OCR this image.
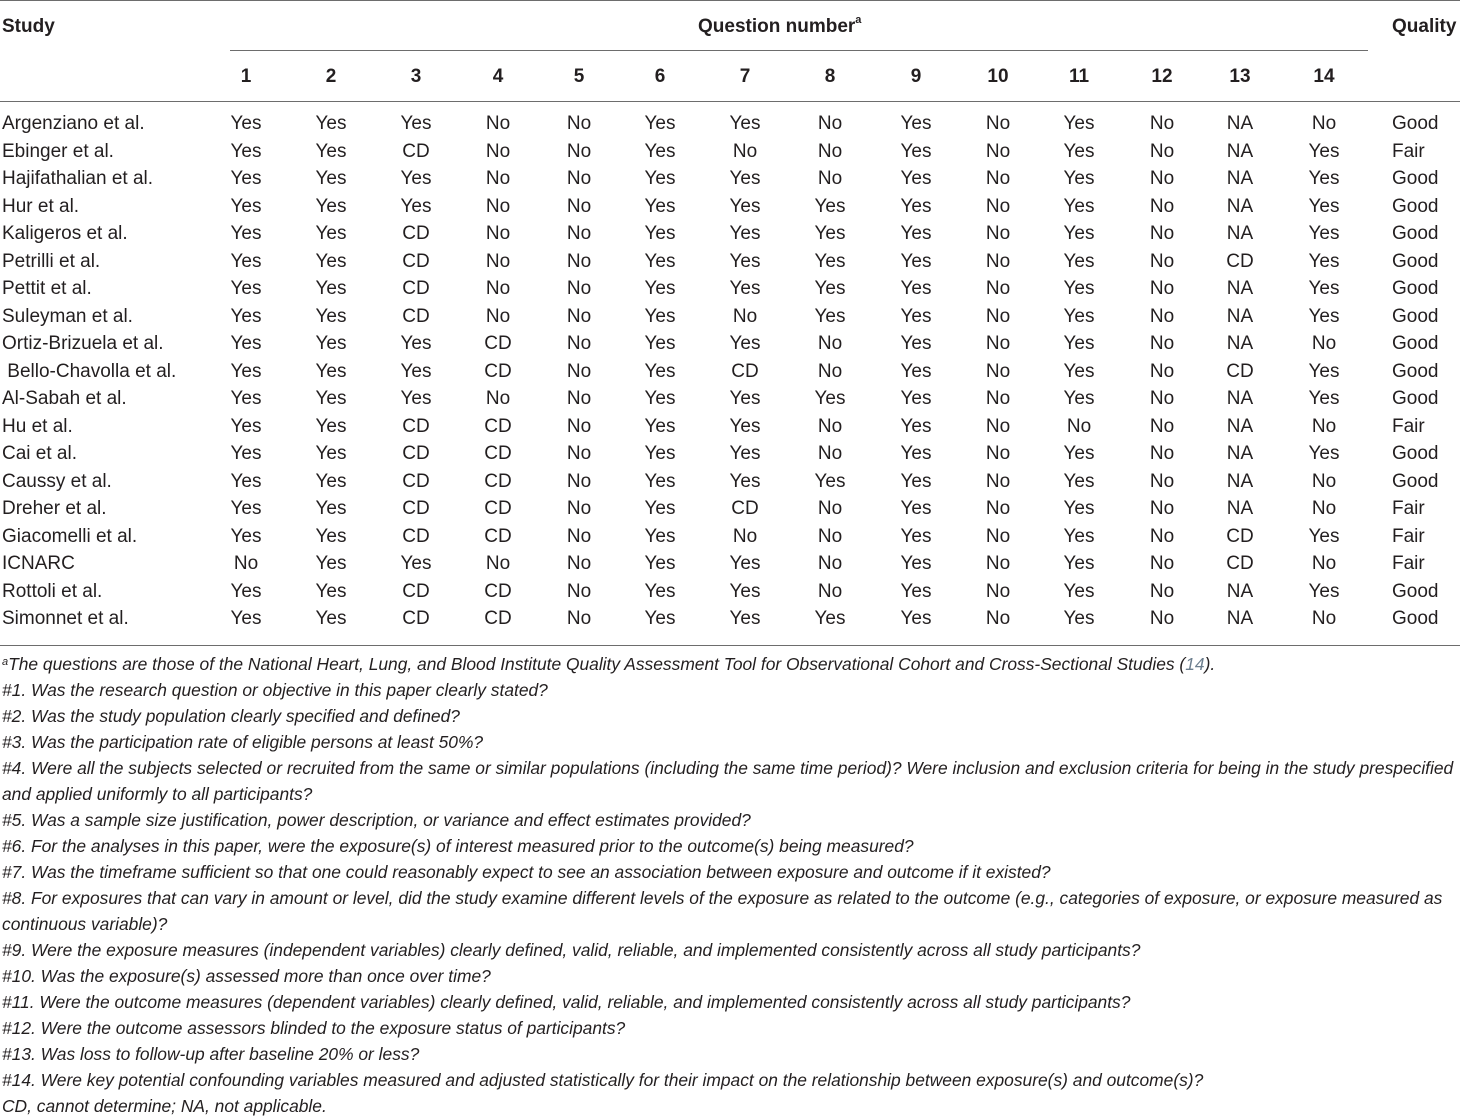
Study	Question number$^a$	Quality
1	2	3	4	5	6	7	8	9	10	11	12	13	14
Argenziano et al.	Yes	Yes	Yes	No	No	Yes	Yes	No	Yes	No	Yes	No	NA	No	Good
Ebinger et al.	Yes	Yes	CD	No	No	Yes	No	No	Yes	No	Yes	No	NA	Yes	Fair
Hajifathalian et al.	Yes	Yes	Yes	No	No	Yes	Yes	No	Yes	No	Yes	No	NA	Yes	Good
Hur et al.	Yes	Yes	Yes	No	No	Yes	Yes	Yes	Yes	No	Yes	No	NA	Yes	Good
Kaligeros et al.	Yes	Yes	CD	No	No	Yes	Yes	Yes	Yes	No	Yes	No	NA	Yes	Good
Petrilli et al.	Yes	Yes	CD	No	No	Yes	Yes	Yes	Yes	No	Yes	No	CD	Yes	Good
Pettit et al.	Yes	Yes	CD	No	No	Yes	Yes	Yes	Yes	No	Yes	No	NA	Yes	Good
Suleyman et al.	Yes	Yes	CD	No	No	Yes	No	Yes	Yes	No	Yes	No	NA	Yes	Good
Ortiz-Brizuela et al.	Yes	Yes	Yes	CD	No	Yes	Yes	No	Yes	No	Yes	No	NA	No	Good
Bello-Chavolla et al.	Yes	Yes	Yes	CD	No	Yes	CD	No	Yes	No	Yes	No	CD	Yes	Good
Al-Sabah et al.	Yes	Yes	Yes	No	No	Yes	Yes	Yes	Yes	No	Yes	No	NA	Yes	Good
Hu et al.	Yes	Yes	CD	CD	No	Yes	Yes	No	Yes	No	No	No	NA	No	Fair
Cai et al.	Yes	Yes	CD	CD	No	Yes	Yes	No	Yes	No	Yes	No	NA	Yes	Good
Caussy et al.	Yes	Yes	CD	CD	No	Yes	Yes	Yes	Yes	No	Yes	No	NA	No	Good
Dreher et al.	Yes	Yes	CD	CD	No	Yes	CD	No	Yes	No	Yes	No	NA	No	Fair
Giacomelli et al.	Yes	Yes	CD	CD	No	Yes	No	No	Yes	No	Yes	No	CD	Yes	Fair
ICNARC	No	Yes	Yes	No	No	Yes	Yes	No	Yes	No	Yes	No	CD	No	Fair
Rottoli et al.	Yes	Yes	CD	CD	No	Yes	Yes	No	Yes	No	Yes	No	NA	Yes	Good
Simonnet et al.	Yes	Yes	CD	CD	No	Yes	Yes	Yes	Yes	No	Yes	No	NA	No	Good
$^a$The questions are those of the National Heart, Lung, and Blood Institute Quality Assessment Tool for Observational Cohort and Cross-Sectional Studies (14).
#1. Was the research question or objective in this paper clearly stated?
#2. Was the study population clearly specified and defined?
#3. Was the participation rate of eligible persons at least 50%?
#4. Were all the subjects selected or recruited from the same or similar populations (including the same time period)? Were inclusion and exclusion criteria for being in the study prespecified and applied uniformly to all participants?
#5. Was a sample size justification, power description, or variance and effect estimates provided?
#6. For the analyses in this paper, were the exposure(s) of interest measured prior to the outcome(s) being measured?
#7. Was the timeframe sufficient so that one could reasonably expect to see an association between exposure and outcome if it existed?
#8. For exposures that can vary in amount or level, did the study examine different levels of the exposure as related to the outcome (e.g., categories of exposure, or exposure measured as continuous variable)?
#9. Were the exposure measures (independent variables) clearly defined, valid, reliable, and implemented consistently across all study participants?
#10. Was the exposure(s) assessed more than once over time?
#11. Were the outcome measures (dependent variables) clearly defined, valid, reliable, and implemented consistently across all study participants?
#12. Were the outcome assessors blinded to the exposure status of participants?
#13. Was loss to follow-up after baseline 20% or less?
#14. Were key potential confounding variables measured and adjusted statistically for their impact on the relationship between exposure(s) and outcome(s)?
CD, cannot determine; NA, not applicable.
